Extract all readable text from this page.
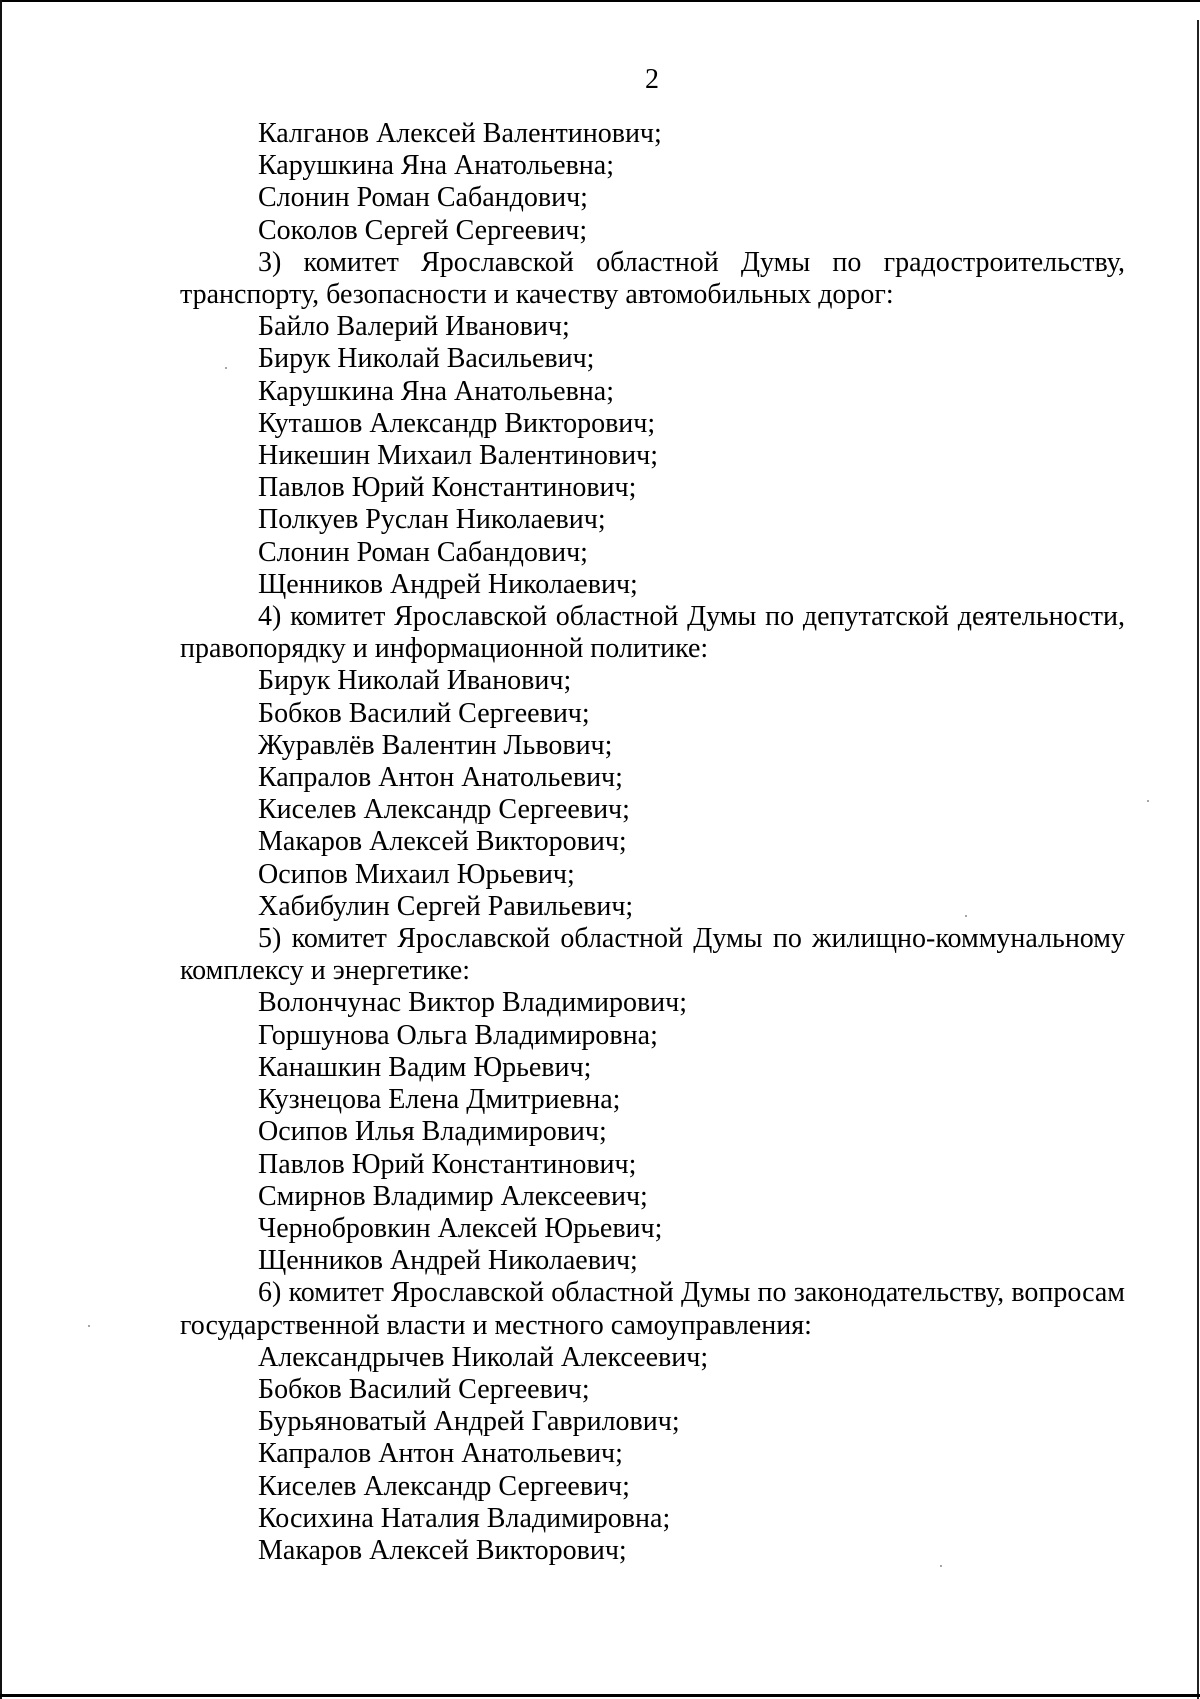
2
Калганов Алексей Валентинович;
Карушкина Яна Анатольевна;
Слонин Роман Сабандович;
Соколов Сергей Сергеевич;
3) комитет Ярославской областной Думы по градостроительству, транспорту, безопасности и качеству автомобильных дорог:
Байло Валерий Иванович;
Бирук Николай Васильевич;
Карушкина Яна Анатольевна;
Куташов Александр Викторович;
Никешин Михаил Валентинович;
Павлов Юрий Константинович;
Полкуев Руслан Николаевич;
Слонин Роман Сабандович;
Щенников Андрей Николаевич;
4) комитет Ярославской областной Думы по депутатской деятельности, правопорядку и информационной политике:
Бирук Николай Иванович;
Бобков Василий Сергеевич;
Журавлёв Валентин Львович;
Капралов Антон Анатольевич;
Киселев Александр Сергеевич;
Макаров Алексей Викторович;
Осипов Михаил Юрьевич;
Хабибулин Сергей Равильевич;
5) комитет Ярославской областной Думы по жилищно-коммунальному комплексу и энергетике:
Волончунас Виктор Владимирович;
Горшунова Ольга Владимировна;
Канашкин Вадим Юрьевич;
Кузнецова Елена Дмитриевна;
Осипов Илья Владимирович;
Павлов Юрий Константинович;
Смирнов Владимир Алексеевич;
Чернобровкин Алексей Юрьевич;
Щенников Андрей Николаевич;
6) комитет Ярославской областной Думы по законодательству, вопросам государственной власти и местного самоуправления:
Александрычев Николай Алексеевич;
Бобков Василий Сергеевич;
Бурьяноватый Андрей Гаврилович;
Капралов Антон Анатольевич;
Киселев Александр Сергеевич;
Косихина Наталия Владимировна;
Макаров Алексей Викторович;
